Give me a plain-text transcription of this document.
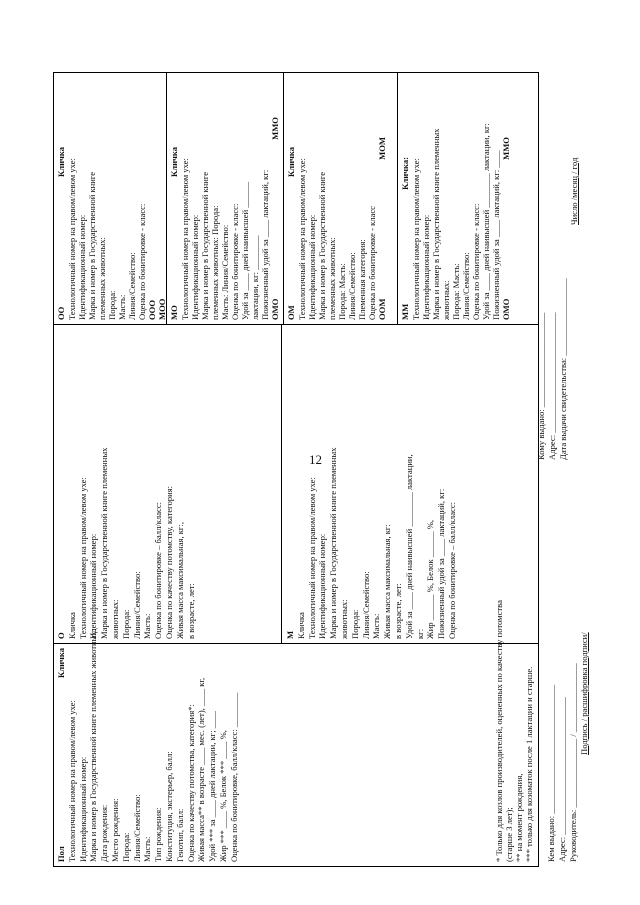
12
Пол
Кличка
Технологичный номер на правом/левом ухе: Идентификационный номер: Марка и номер в Государственной книге племенных животных: Дата рождения: Место рождения: Порода: Линия/Семейство: Масть: Тип рождения: Конституция, экстерьер, балл: Генотип, балл: Оценка по качеству потомства, категория*: Живая масса** в возрасте ____ мес. (лет), ____ кг, Удой *** за ____ дней лактации, кг; ____ Жир *** ____ %, Белок *** ____ %, Оценка по бонитировке, балл/класс: ________	* Только для козлов производителей, оцененных по качеству потомства (старше 3 лет); ** на момент рождения, *** только для козоматок после 1 лактации и старше.
О Кличка Технологичный номер на правом/левом ухе: Идентификационный номер: Марка и номер в Государственной книге племенных животных: Порода: Линия/Семейство: Масть: Оценка по бонитировке – балл/класс: Оценка по качеству потомству, категория: Живая масса максимальная, кг:, в возрасте, лет:	М Кличка Технологичный номер на правом/левом ухе: Идентификационный номер: Марка и номер в Государственной книге племенных животных: Порода: Линия/Семейство: Масть: Живая масса максимальная, кг: в возрасте, лет: Удой за ____ дней наивысшей ________ лактации, кг: Жир ______ %, Белок ______ %, Пожизненный удой за ____ лактаций, кг: Оценка по бонитировке – балл/класс:
ОО
Кличка Технологичный номер на правом/левом ухе: Идентификационный номер: Марка и номер в Государственной книге племенных животных: Порода: Масть: Линия/Семейство: Оценка по бонитировке - класс: ООО МОО МО
Кличка Технологичный номер на правом/левом ухе: Идентификационный номер: Марка и номер в Государственной книге племенных животных: Порода: Масть: Линия/Семейство: Оценка по бонитировке - класс: Удой за ____ дней наивысшей ______ лактации, кг: ________ Пожизненный удой за ____ лактаций, кг: ОМО
ММО
ОМ
Кличка Технологичный номер на правом/левом ухе: Идентификационный номер: Марка и номер в Государственной книге племенных животных: Порода: Масть: Линия/Семейство: Племенная категория: Оценка по бонитировке - класс ООМ
МОМ
ММ
Кличка: Технологичный номер на правом/левом ухе: Идентификационный номер: Марка и номер в Государственной книге племенных животных: Порода: Масть: Линия/Семейство: Оценка по бонитировке - класс: Удой за ____ дней наивысшей ________ лактации, кг: Пожизненный удой за ____ лактаций, кг: ____ ОМО
ММО
Кем выдано: ______________________________ Адрес: ________________________________ Руководитель: ________________ / ________________ Подпись / расшифровка подписи/
Кому выдано: ______________________ Адрес: ____________________________ Дата выдачи свидетельства: __________________
Число /месяц / год
